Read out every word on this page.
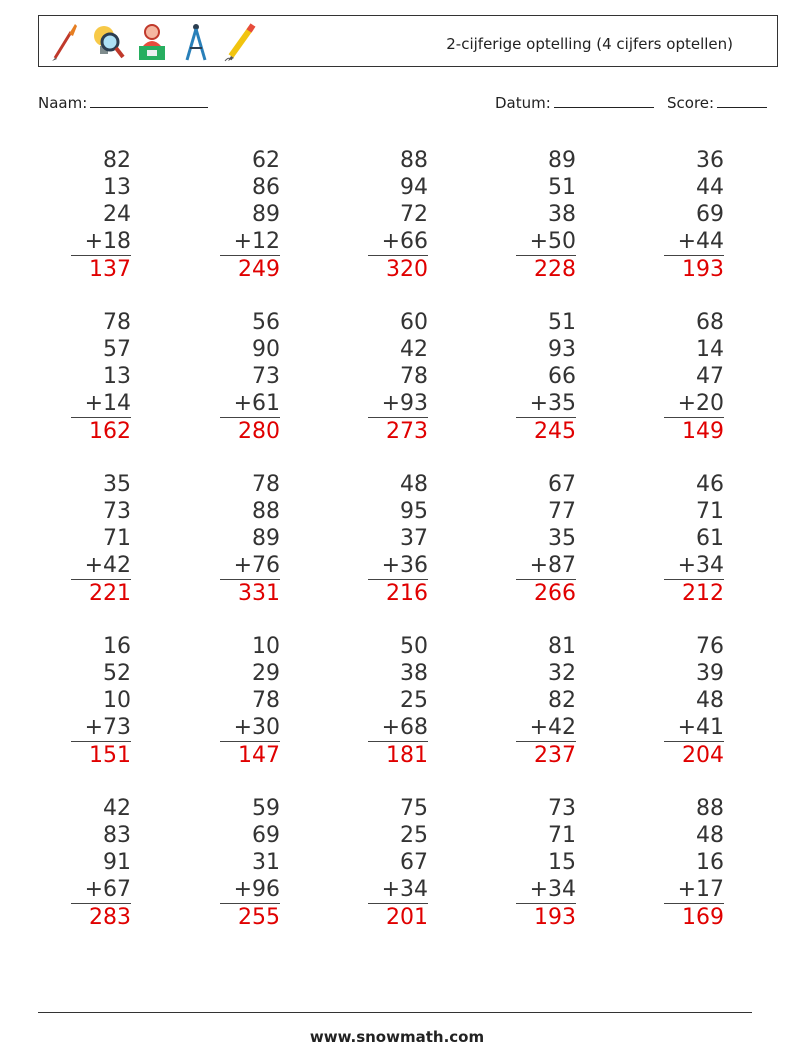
2-cijferige optelling (4 cijfers optellen)
Naam:	Datum:	Score:
82
13
24
+18
137
62
86
89
+12
249
88
94
72
+66
320
89
51
38
+50
228
36
44
69
+44
193
78
57
13
+14
162
56
90
73
+61
280
60
42
78
+93
273
51
93
66
+35
245
68
14
47
+20
149
35
73
71
+42
221
78
88
89
+76
331
48
95
37
+36
216
67
77
35
+87
266
46
71
61
+34
212
16
52
10
+73
151
10
29
78
+30
147
50
38
25
+68
181
81
32
82
+42
237
76
39
48
+41
204
42
83
91
+67
283
59
69
31
+96
255
75
25
67
+34
201
73
71
15
+34
193
88
48
16
+17
169
www.snowmath.com
